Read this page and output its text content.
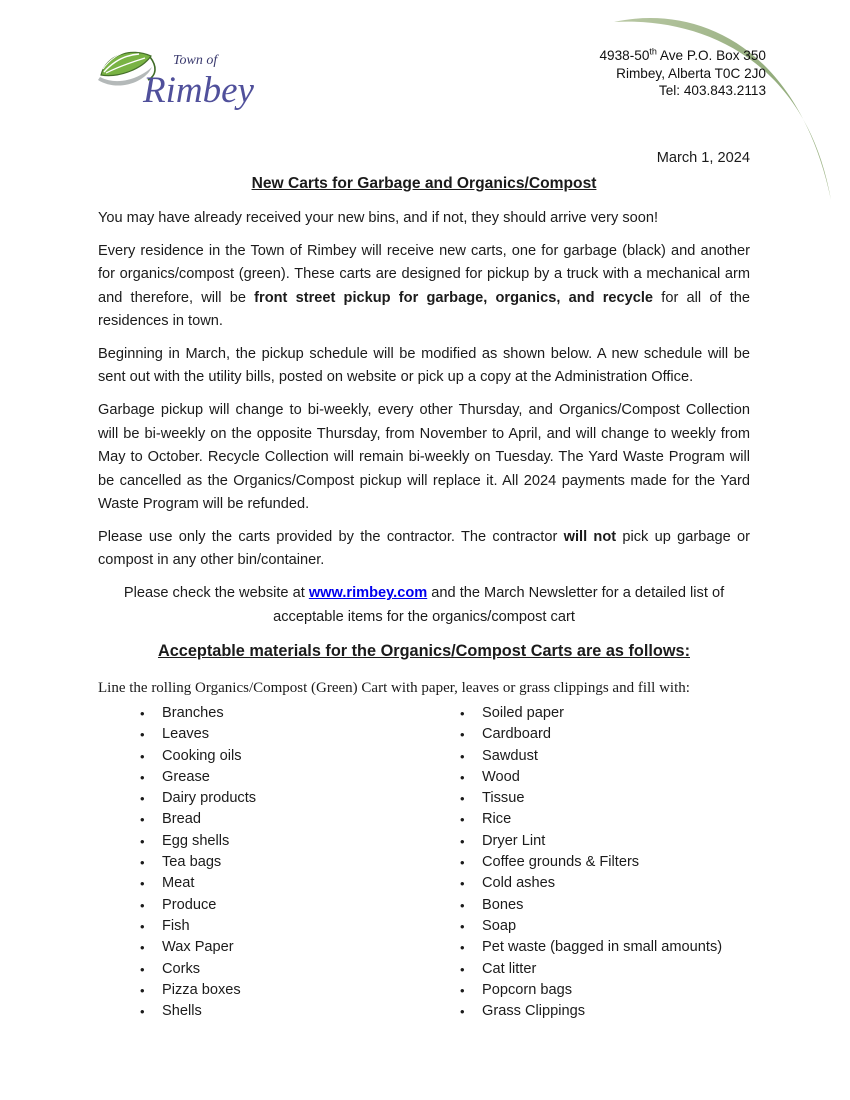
Town of
Rimbey
4938-50th Ave P.O. Box 350
Rimbey, Alberta T0C 2J0
Tel: 403.843.2113

March 1, 2024

New Carts for Garbage and Organics/Compost

You may have already received your new bins, and if not, they should arrive very soon!

Every residence in the Town of Rimbey will receive new carts, one for garbage (black) and another for organics/compost (green). These carts are designed for pickup by a truck with a mechanical arm and therefore, will be front street pickup for garbage, organics, and recycle for all of the residences in town.

Beginning in March, the pickup schedule will be modified as shown below. A new schedule will be sent out with the utility bills, posted on website or pick up a copy at the Administration Office.

Garbage pickup will change to bi-weekly, every other Thursday, and Organics/Compost Collection will be bi-weekly on the opposite Thursday, from November to April, and will change to weekly from May to October. Recycle Collection will remain bi-weekly on Tuesday. The Yard Waste Program will be cancelled as the Organics/Compost pickup will replace it. All 2024 payments made for the Yard Waste Program will be refunded.

Please use only the carts provided by the contractor. The contractor will not pick up garbage or compost in any other bin/container.

Please check the website at www.rimbey.com and the March Newsletter for a detailed list of acceptable items for the organics/compost cart

Acceptable materials for the Organics/Compost Carts are as follows:

Line the rolling Organics/Compost (Green) Cart with paper, leaves or grass clippings and fill with:

• Branches
• Leaves
• Cooking oils
• Grease
• Dairy products
• Bread
• Egg shells
• Tea bags
• Meat
• Produce
• Fish
• Wax Paper
• Corks
• Pizza boxes
• Shells
• Soiled paper
• Cardboard
• Sawdust
• Wood
• Tissue
• Rice
• Dryer Lint
• Coffee grounds & Filters
• Cold ashes
• Bones
• Soap
• Pet waste (bagged in small amounts)
• Cat litter
• Popcorn bags
• Grass Clippings
